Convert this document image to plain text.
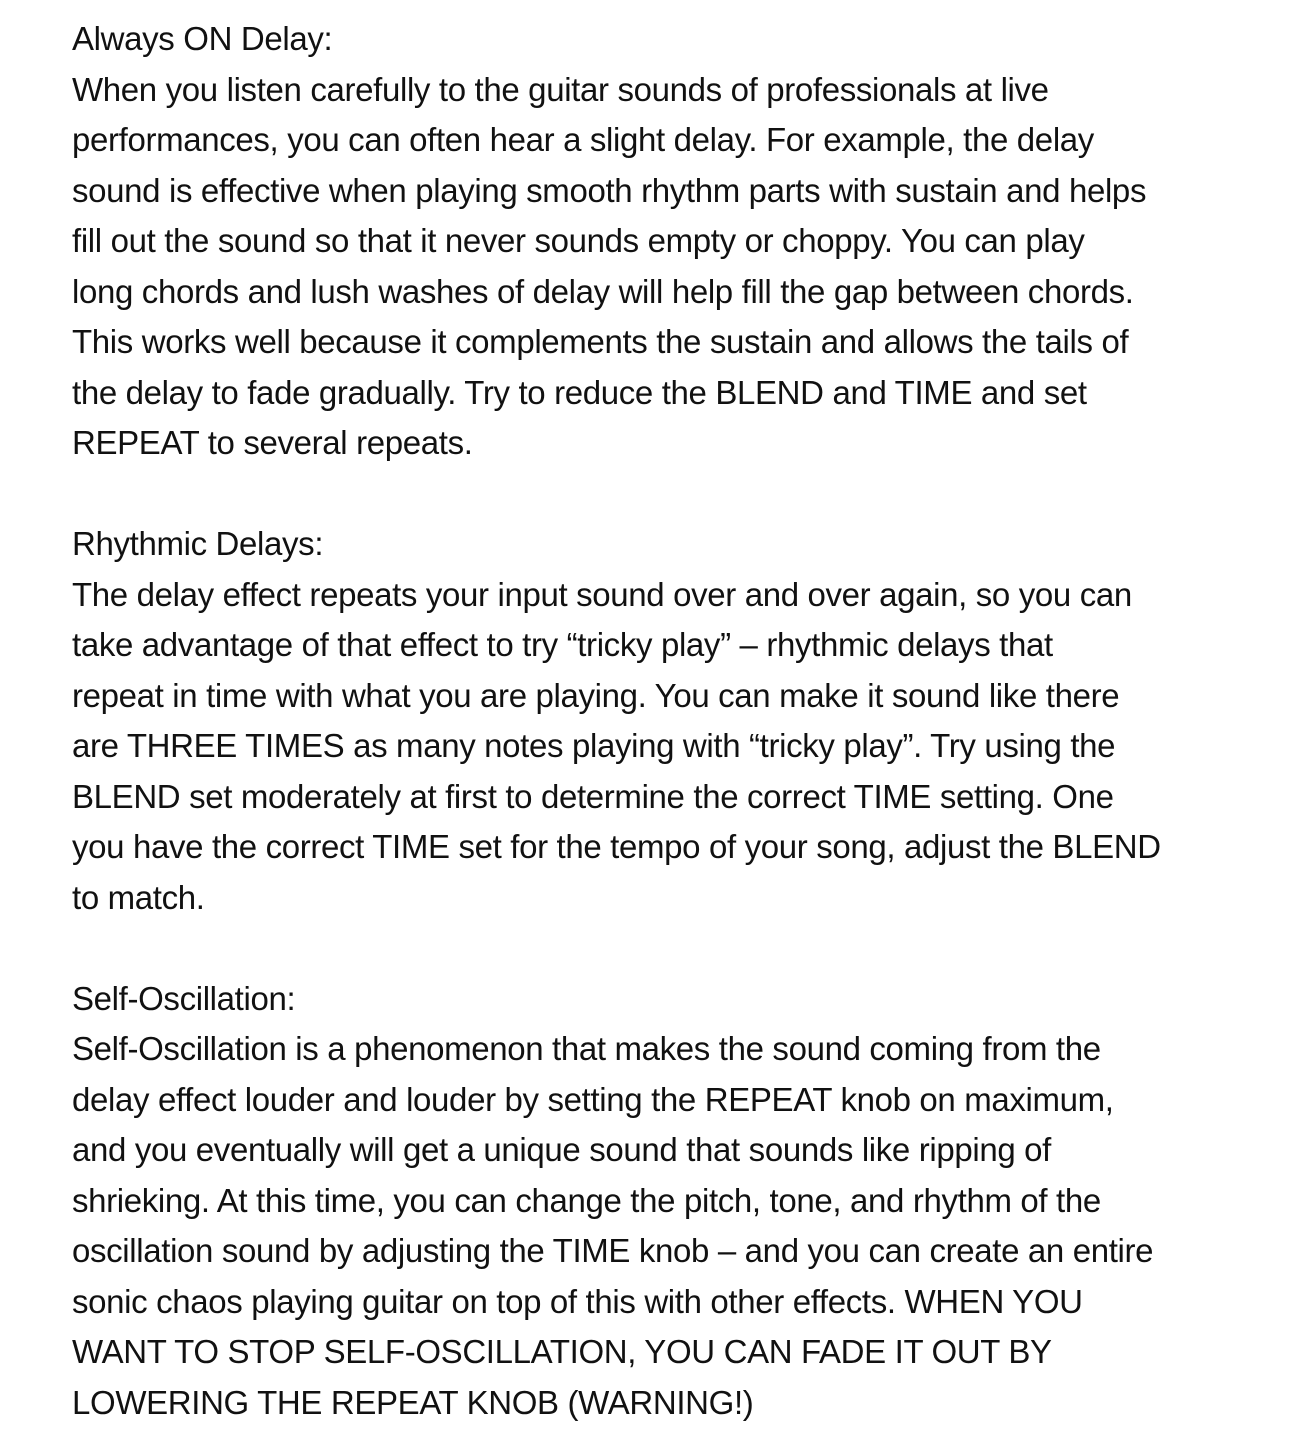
Always ON Delay:
When you listen carefully to the guitar sounds of professionals at live
performances, you can often hear a slight delay. For example, the delay
sound is effective when playing smooth rhythm parts with sustain and helps
fill out the sound so that it never sounds empty or choppy. You can play
long chords and lush washes of delay will help fill the gap between chords.
This works well because it complements the sustain and allows the tails of
the delay to fade gradually. Try to reduce the BLEND and TIME and set
REPEAT to several repeats.
Rhythmic Delays:
The delay effect repeats your input sound over and over again, so you can
take advantage of that effect to try “tricky play” – rhythmic delays that
repeat in time with what you are playing. You can make it sound like there
are THREE TIMES as many notes playing with “tricky play”. Try using the
BLEND set moderately at first to determine the correct TIME setting. One
you have the correct TIME set for the tempo of your song, adjust the BLEND
to match.
Self-Oscillation:
Self-Oscillation is a phenomenon that makes the sound coming from the
delay effect louder and louder by setting the REPEAT knob on maximum,
and you eventually will get a unique sound that sounds like ripping of
shrieking. At this time, you can change the pitch, tone, and rhythm of the
oscillation sound by adjusting the TIME knob – and you can create an entire
sonic chaos playing guitar on top of this with other effects. WHEN YOU
WANT TO STOP SELF-OSCILLATION, YOU CAN FADE IT OUT BY
LOWERING THE REPEAT KNOB (WARNING!)
